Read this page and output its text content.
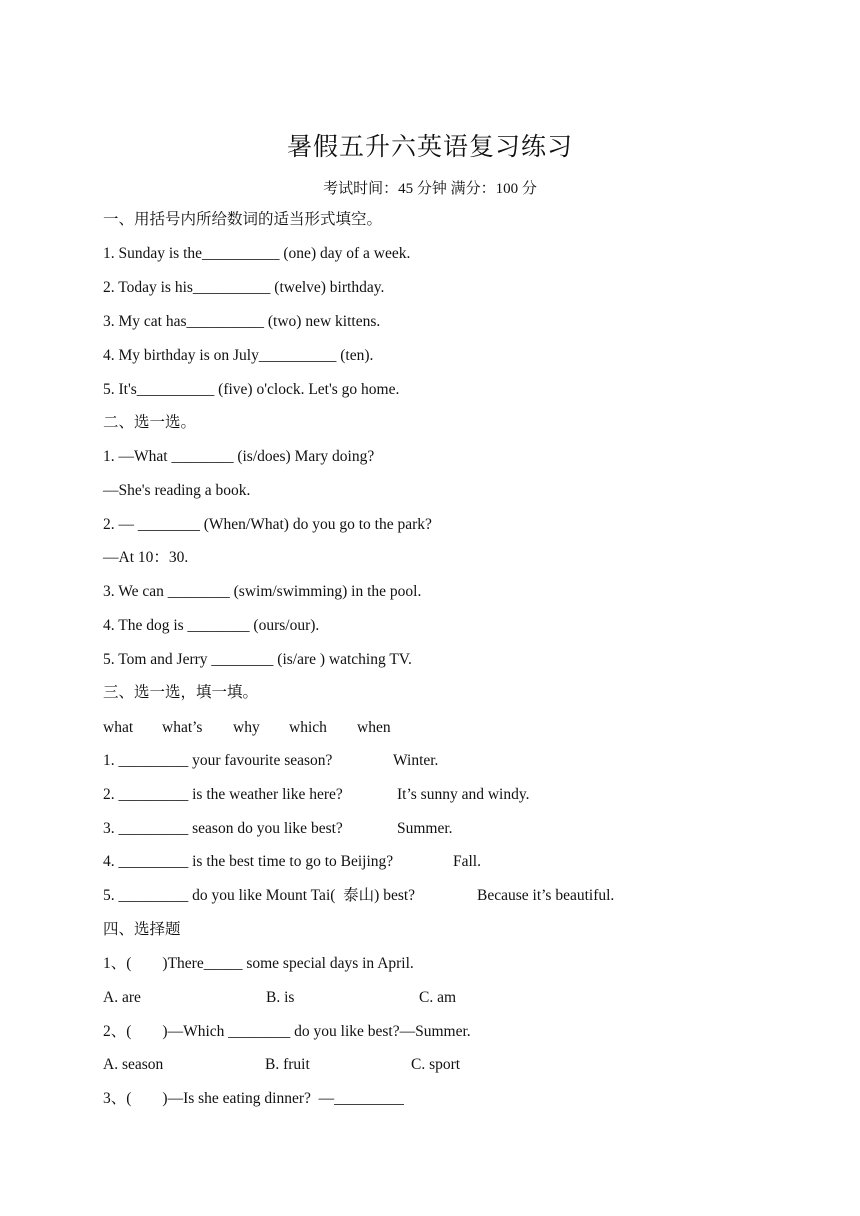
暑假五升六英语复习练习
考试时间：45 分钟 满分：100 分
一、用括号内所给数词的适当形式填空。
1. Sunday is the__________ (one) day of a week.
2. Today is his__________ (twelve) birthday.
3. My cat has__________ (two) new kittens.
4. My birthday is on July__________ (ten).
5. It's__________ (five) o'clock. Let's go home.
二、选一选。
1. —What ________ (is/does) Mary doing?
—She's reading a book.
2. — ________ (When/What) do you go to the park?
—At 10：30.
3. We can ________ (swim/swimming) in the pool.
4. The dog is ________ (ours/our).
5. Tom and Jerry ________ (is/are ) watching TV.
三、选一选，填一填。
what what’s why which when
1. _________ your favourite season?	Winter.
2. _________ is the weather like here?	It’s sunny and windy.
3. _________ season do you like best?	Summer.
4. _________ is the best time to go to Beijing?	Fall.
5. _________ do you like Mount Tai(  泰山) best?	Because it’s beautiful.
四、选择题
1、(        )There_____ some special days in April.
A. are	B. is	C. am
2、(        )—Which ________ do you like best?—Summer.
A. season	B. fruit	C. sport
3、(        )—Is she eating dinner?  —_________
